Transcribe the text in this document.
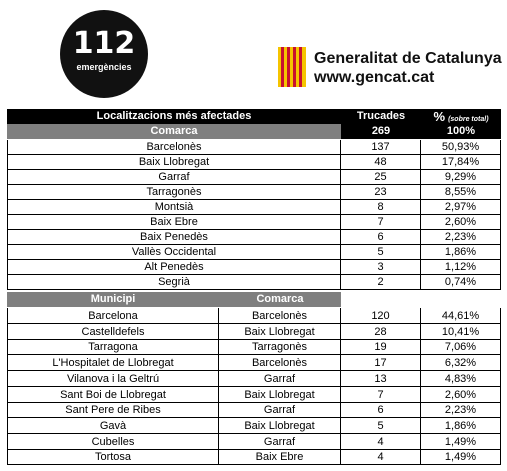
112
emergències	Generalitat de Catalunya
www.gencat.cat
Localitzacions més afectades	Trucades	% (sobre total)
Comarca	269	100%
Barcelonès	137	50,93%
Baix Llobregat	48	17,84%
Garraf	25	9,29%
Tarragonès	23	8,55%
Montsià	8	2,97%
Baix Ebre	7	2,60%
Baix Penedès	6	2,23%
Vallès Occidental	5	1,86%
Alt Penedès	3	1,12%
Segrià	2	0,74%
Municipi	Comarca
Barcelona	Barcelonès	120	44,61%
Castelldefels	Baix Llobregat	28	10,41%
Tarragona	Tarragonès	19	7,06%
L'Hospitalet de Llobregat	Barcelonès	17	6,32%
Vilanova i la Geltrú	Garraf	13	4,83%
Sant Boi de Llobregat	Baix Llobregat	7	2,60%
Sant Pere de Ribes	Garraf	6	2,23%
Gavà	Baix Llobregat	5	1,86%
Cubelles	Garraf	4	1,49%
Tortosa	Baix Ebre	4	1,49%
